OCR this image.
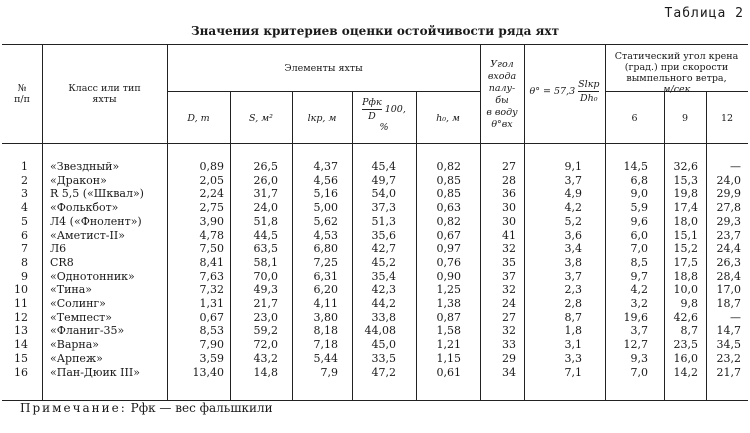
Таблица 2
Значения критериев оценки остойчивости ряда яхт
№
п/п
Класс или тип
яхты
Элементы яхты
D, т	S, м²	lкр, м
Pфк
D 100,
%
h₀, м
Угол
входа
палу-
бы
в воду
θ°вх
θ° = 57,3 Slкр
Dh₀
Статический угол крена
(град.) при скорости
вымпельного ветра,
м/сек
6	9	12
1 «Звездный»	0,89	26,5	4,37	45,4	0,82	27	9,1	14,5	32,6	—
2 «Дракон»	2,05	26,0	4,56	49,7	0,85	28	3,7	6,8	15,3	24,0
3 R 5,5 («Шквал»)	2,24	31,7	5,16	54,0	0,85	36	4,9	9,0	19,8	29,9
4 «Фолькбот»	2,75	24,0	5,00	37,3	0,63	30	4,2	5,9	17,4	27,8
5 Л4 («Фнолент»)	3,90	51,8	5,62	51,3	0,82	30	5,2	9,6	18,0	29,3
6 «Аметист-II»	4,78	44,5	4,53	35,6	0,67	41	3,6	6,0	15,1	23,7
7 Л6	7,50	63,5	6,80	42,7	0,97	32	3,4	7,0	15,2	24,4
8 CR8	8,41	58,1	7,25	45,2	0,76	35	3,8	8,5	17,5	26,3
9 «Однотонник»	7,63	70,0	6,31	35,4	0,90	37	3,7	9,7	18,8	28,4
10 «Тина»	7,32	49,3	6,20	42,3	1,25	32	2,3	4,2	10,0	17,0
11 «Солинг»	1,31	21,7	4,11	44,2	1,38	24	2,8	3,2	9,8	18,7
12 «Темпест»	0,67	23,0	3,80	33,8	0,87	27	8,7	19,6	42,6	—
13 «Фланиг-35»	8,53	59,2	8,18	44,08	1,58	32	1,8	3,7	8,7	14,7
14 «Варна»	7,90	72,0	7,18	45,0	1,21	33	3,1	12,7	23,5	34,5
15 «Арпеж»	3,59	43,2	5,44	33,5	1,15	29	3,3	9,3	16,0	23,2
16 «Пан-Дюик III»	13,40	14,8	7,9	47,2	0,61	34	7,1	7,0	14,2	21,7
Примечание: Pфк — вес фальшкили
